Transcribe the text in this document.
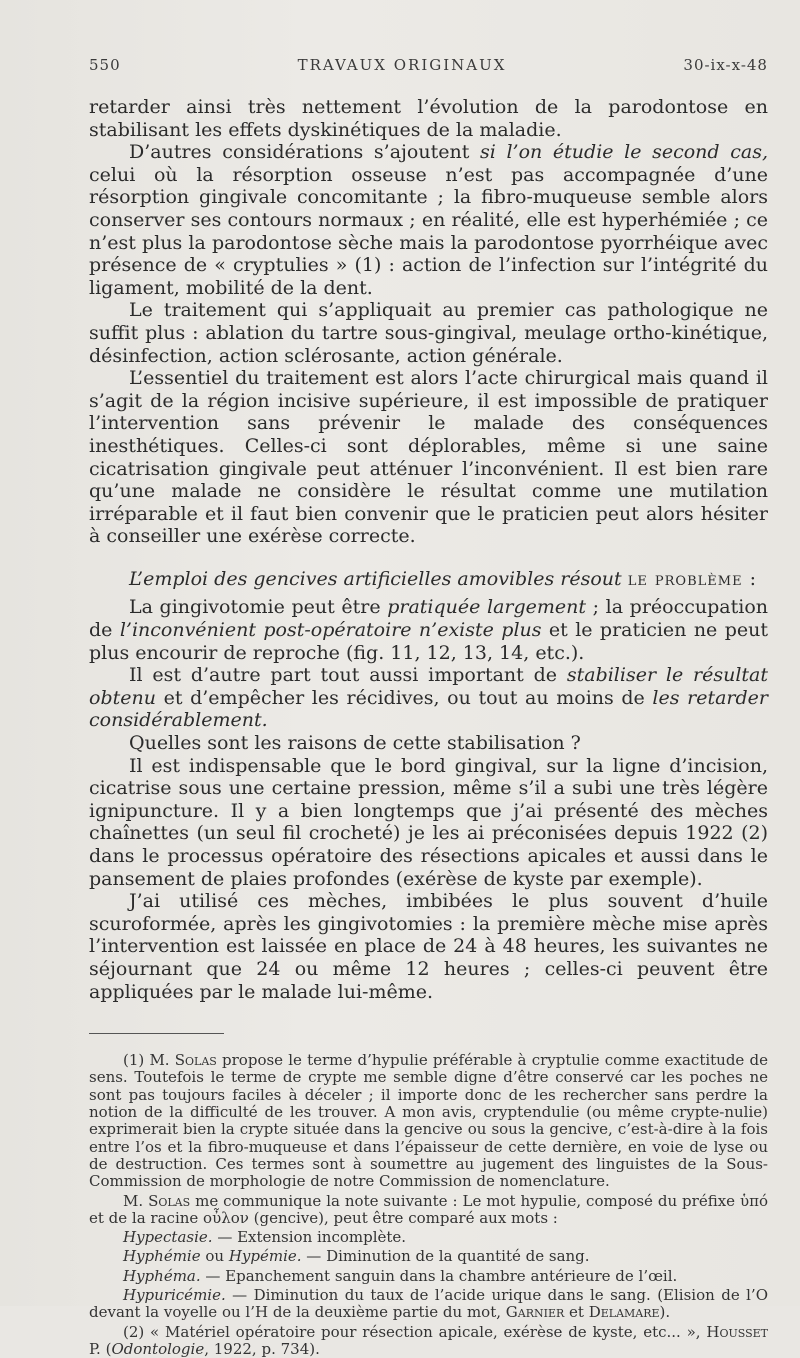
550	TRAVAUX ORIGINAUX	30-ix-x-48

retarder ainsi très nettement l’évolution de la parodontose en stabilisant les effets dyskinétiques de la maladie.

D’autres considérations s’ajoutent si l’on étudie le second cas, celui où la résorption osseuse n’est pas accompagnée d’une résorption gingivale concomitante ; la fibro-muqueuse semble alors conserver ses contours normaux ; en réalité, elle est hyperhémiée ; ce n’est plus la parodontose sèche mais la parodontose pyorrhéique avec présence de « cryptulies » (1) : action de l’infection sur l’intégrité du ligament, mobilité de la dent.

Le traitement qui s’appliquait au premier cas pathologique ne suffit plus : ablation du tartre sous-gingival, meulage ortho-kinétique, désinfection, action sclérosante, action générale.

L’essentiel du traitement est alors l’acte chirurgical mais quand il s’agit de la région incisive supérieure, il est impossible de pratiquer l’intervention sans prévenir le malade des conséquences inesthétiques. Celles-ci sont déplorables, même si une saine cicatrisation gingivale peut atténuer l’inconvénient. Il est bien rare qu’une malade ne considère le résultat comme une mutilation irréparable et il faut bien convenir que le praticien peut alors hésiter à conseiller une exérèse correcte.

L’emploi des gencives artificielles amovibles résout le problème :

La gingivotomie peut être pratiquée largement ; la préoccupation de l’inconvénient post-opératoire n’existe plus et le praticien ne peut plus encourir de reproche (fig. 11, 12, 13, 14, etc.).

Il est d’autre part tout aussi important de stabiliser le résultat obtenu et d’empêcher les récidives, ou tout au moins de les retarder considérablement.

Quelles sont les raisons de cette stabilisation ?

Il est indispensable que le bord gingival, sur la ligne d’incision, cicatrise sous une certaine pression, même s’il a subi une très légère ignipuncture. Il y a bien longtemps que j’ai présenté des mèches chaînettes (un seul fil crocheté) je les ai préconisées depuis 1922 (2) dans le processus opératoire des résections apicales et aussi dans le pansement de plaies profondes (exérèse de kyste par exemple).

J’ai utilisé ces mèches, imbibées le plus souvent d’huile scuroformée, après les gingivotomies : la première mèche mise après l’intervention est laissée en place de 24 à 48 heures, les suivantes ne séjournant que 24 ou même 12 heures ; celles-ci peuvent être appliquées par le malade lui-même.

(1) M. Solas propose le terme d’hypulie préférable à cryptulie comme exactitude de sens. Toutefois le terme de crypte me semble digne d’être conservé car les poches ne sont pas toujours faciles à déceler ; il importe donc de les rechercher sans perdre la notion de la difficulté de les trouver. A mon avis, cryptendulie (ou même crypte-nulie) exprimerait bien la crypte située dans la gencive ou sous la gencive, c’est-à-dire à la fois entre l’os et la fibro-muqueuse et dans l’épaisseur de cette dernière, en voie de lyse ou de destruction. Ces termes sont à soumettre au jugement des linguistes de la Sous-Commission de morphologie de notre Commission de nomenclature.

M. Solas me communique la note suivante : Le mot hypulie, composé du préfixe ὑπό et de la racine οὖλον (gencive), peut être comparé aux mots :

Hypectasie. — Extension incomplète.

Hyphémie ou Hypémie. — Diminution de la quantité de sang.

Hyphéma. — Epanchement sanguin dans la chambre antérieure de l’œil.

Hypuricémie. — Diminution du taux de l’acide urique dans le sang. (Elision de l’O devant la voyelle ou l’H de la deuxième partie du mot, Garnier et Delamare).

(2) « Matériel opératoire pour résection apicale, exérèse de kyste, etc... », Housset P. (Odontologie, 1922, p. 734).
